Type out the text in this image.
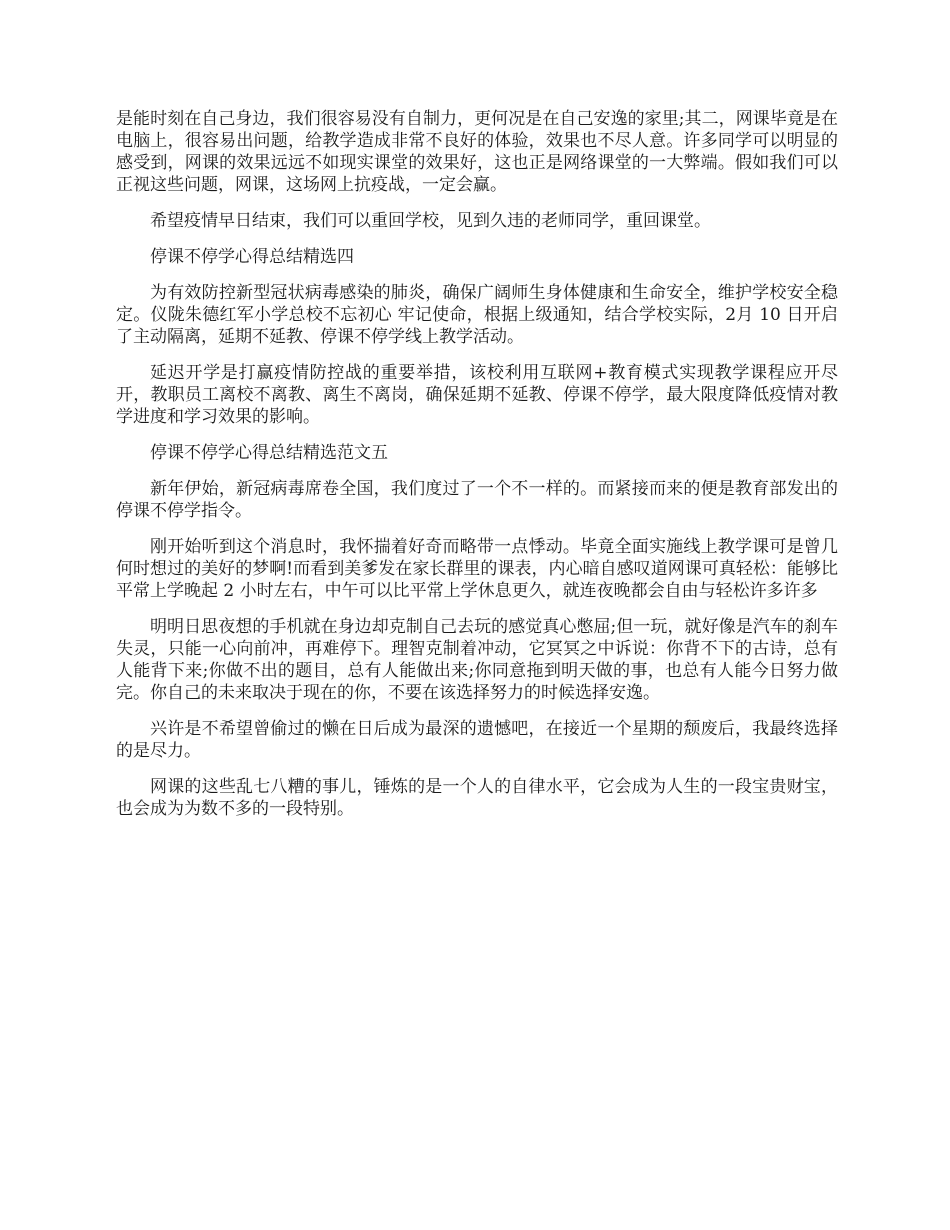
是能时刻在自己身边，我们很容易没有自制力，更何况是在自己安逸的家里;其二，网课毕竟是在电脑上，很容易出问题，给教学造成非常不良好的体验，效果也不尽人意。许多同学可以明显的感受到，网课的效果远远不如现实课堂的效果好，这也正是网络课堂的一大弊端。假如我们可以正视这些问题，网课，这场网上抗疫战，一定会赢。

希望疫情早日结束，我们可以重回学校，见到久违的老师同学，重回课堂。

停课不停学心得总结精选四

为有效防控新型冠状病毒感染的肺炎，确保广阔师生身体健康和生命安全，维护学校安全稳定。仪陇朱德红军小学总校不忘初心 牢记使命，根据上级通知，结合学校实际，2月 10 日开启了主动隔离，延期不延教、停课不停学线上教学活动。

延迟开学是打赢疫情防控战的重要举措，该校利用互联网+教育模式实现教学课程应开尽开，教职员工离校不离教、离生不离岗，确保延期不延教、停课不停学，最大限度降低疫情对教学进度和学习效果的影响。

停课不停学心得总结精选范文五

新年伊始，新冠病毒席卷全国，我们度过了一个不一样的。而紧接而来的便是教育部发出的停课不停学指令。

刚开始听到这个消息时，我怀揣着好奇而略带一点悸动。毕竟全面实施线上教学课可是曾几何时想过的美好的梦啊!而看到美爹发在家长群里的课表，内心暗自感叹道网课可真轻松：能够比平常上学晚起 2 小时左右，中午可以比平常上学休息更久，就连夜晚都会自由与轻松许多许多

明明日思夜想的手机就在身边却克制自己去玩的感觉真心憋屈;但一玩，就好像是汽车的刹车失灵，只能一心向前冲，再难停下。理智克制着冲动，它冥冥之中诉说：你背不下的古诗，总有人能背下来;你做不出的题目，总有人能做出来;你同意拖到明天做的事，也总有人能今日努力做完。你自己的未来取决于现在的你，不要在该选择努力的时候选择安逸。

兴许是不希望曾偷过的懒在日后成为最深的遗憾吧，在接近一个星期的颓废后，我最终选择的是尽力。

网课的这些乱七八糟的事儿，锤炼的是一个人的自律水平，它会成为人生的一段宝贵财宝，也会成为为数不多的一段特别。
